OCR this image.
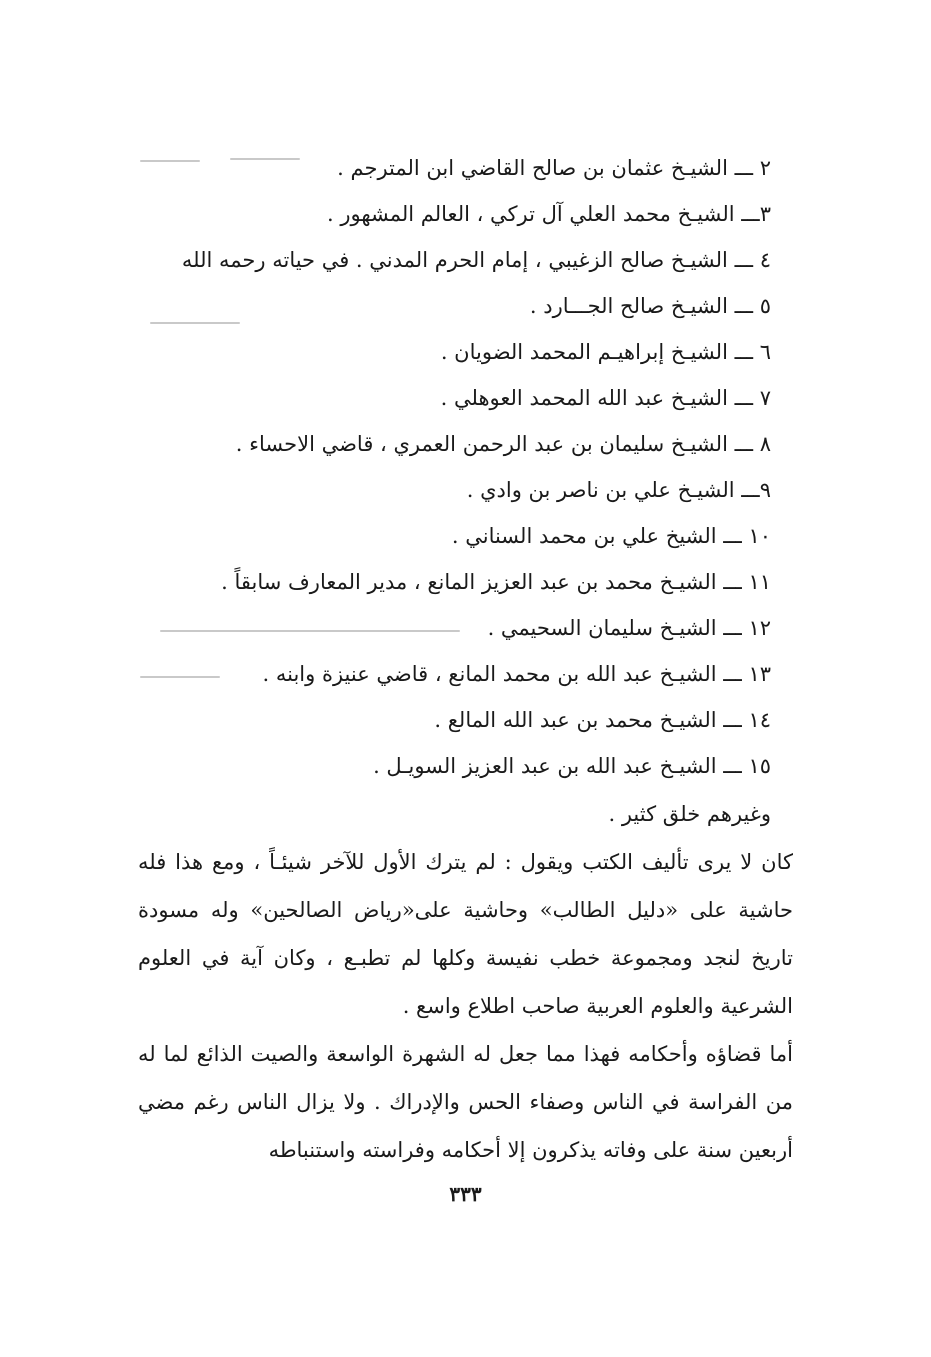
٢ ـــ الشيـخ عثمان بن صالح القاضي ابن المترجم .
٣ـــ الشيـخ محمد العلي آل تركي ، العالم المشهور .
٤ ـــ الشيـخ صالح الزغيبي ، إمام الحرم المدني . في حياته رحمه الله
٥ ـــ الشيـخ صالح الجـــارد .
٦ ـــ الشيـخ إبراهيـم المحمد الضويان .
٧ ـــ الشيـخ عبد الله المحمد العوهلي .
٨ ـــ الشيـخ سليمان بن عبد الرحمن العمري ، قاضي الاحساء .
٩ـــ الشيـخ علي بن ناصر بن وادي .
١٠ ـــ الشيخ علي بن محمد السناني .
١١ ـــ الشيـخ محمد بن عبد العزيز المانع ، مدير المعارف سابقاً .
١٢ ـــ الشيـخ سليمان السحيمي .
١٣ ـــ الشيـخ عبد الله بن محمد المانع ، قاضي عنيزة وابنه .
١٤ ـــ الشيـخ محمد بن عبد الله المالع .
١٥ ـــ الشيـخ عبد الله بن عبد العزيز السويـل .

وغيرهم خلق كثير .

كان لا يرى تأليف الكتب ويقول : لم يترك الأول للآخر شيئـاً ، ومع هذا فله حاشية على «دليل الطالب» وحاشية على«رياض الصالحين» وله مسودة تاريخ لنجد ومجموعة خطب نفيسة وكلها لم تطبـع ، وكان آية في العلوم الشرعية والعلوم العربية صاحب اطلاع واسع .

أما قضاؤه وأحكامه فهذا مما جعل له الشهرة الواسعة والصيت الذائع لما له من الفراسة في الناس وصفاء الحس والإدراك . ولا يزال الناس رغم مضي أربعين سنة على وفاته يذكرون إلا أحكامه وفراسته واستنباطه

٣٣٣
